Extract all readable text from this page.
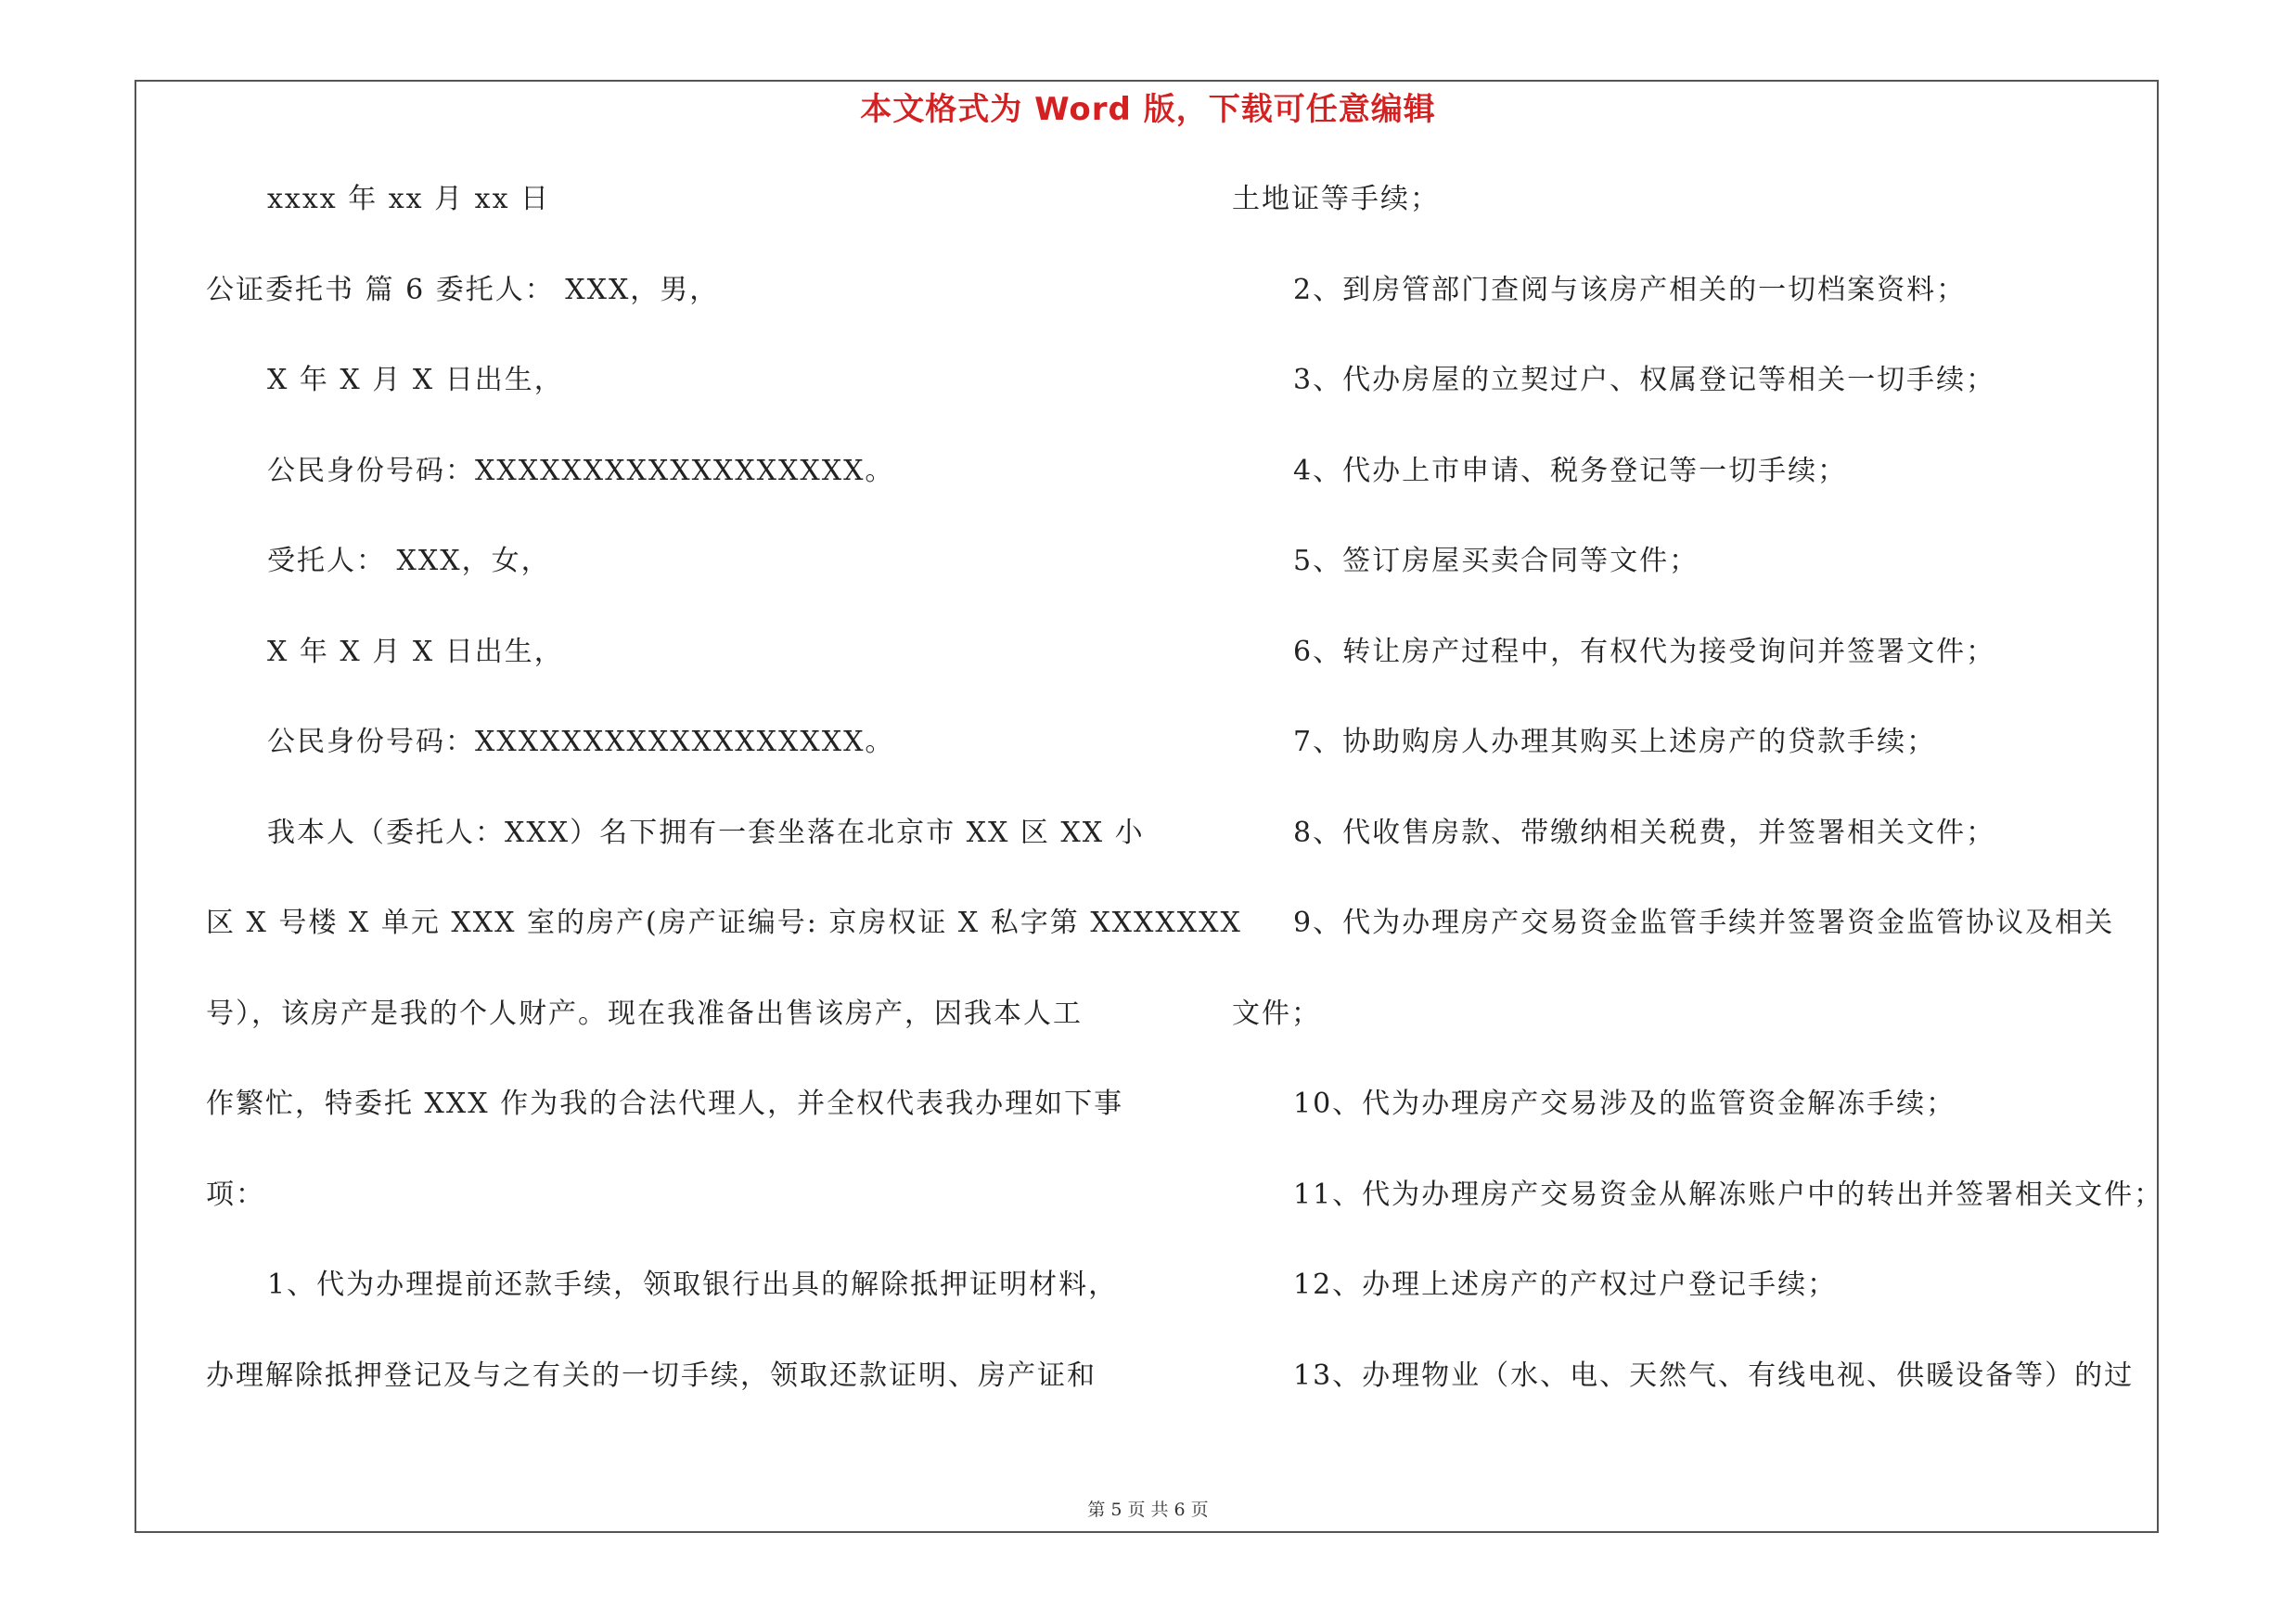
本文格式为 Word 版，下载可任意编辑
xxxx 年 xx 月 xx 日
公证委托书 篇 6 委托人： XXX，男，
X 年 X 月 X 日出生，
公民身份号码：XXXXXXXXXXXXXXXXXX。
受托人： XXX，女，
X 年 X 月 X 日出生，
公民身份号码：XXXXXXXXXXXXXXXXXX。
我本人（委托人：XXX）名下拥有一套坐落在北京市 XX 区 XX 小
区 X 号楼 X 单元 XXX 室的房产(房产证编号: 京房权证 X 私字第 XXXXXXX
号），该房产是我的个人财产。现在我准备出售该房产，因我本人工
作繁忙，特委托 XXX 作为我的合法代理人，并全权代表我办理如下事
项：
1、代为办理提前还款手续，领取银行出具的解除抵押证明材料，
办理解除抵押登记及与之有关的一切手续，领取还款证明、房产证和
土地证等手续；
2、到房管部门查阅与该房产相关的一切档案资料；
3、代办房屋的立契过户、权属登记等相关一切手续；
4、代办上市申请、税务登记等一切手续；
5、签订房屋买卖合同等文件；
6、转让房产过程中，有权代为接受询问并签署文件；
7、协助购房人办理其购买上述房产的贷款手续；
8、代收售房款、带缴纳相关税费，并签署相关文件；
9、代为办理房产交易资金监管手续并签署资金监管协议及相关
文件；
10、代为办理房产交易涉及的监管资金解冻手续；
11、代为办理房产交易资金从解冻账户中的转出并签署相关文件；
12、办理上述房产的产权过户登记手续；
13、办理物业（水、电、天然气、有线电视、供暖设备等）的过
第 5 页 共 6 页
